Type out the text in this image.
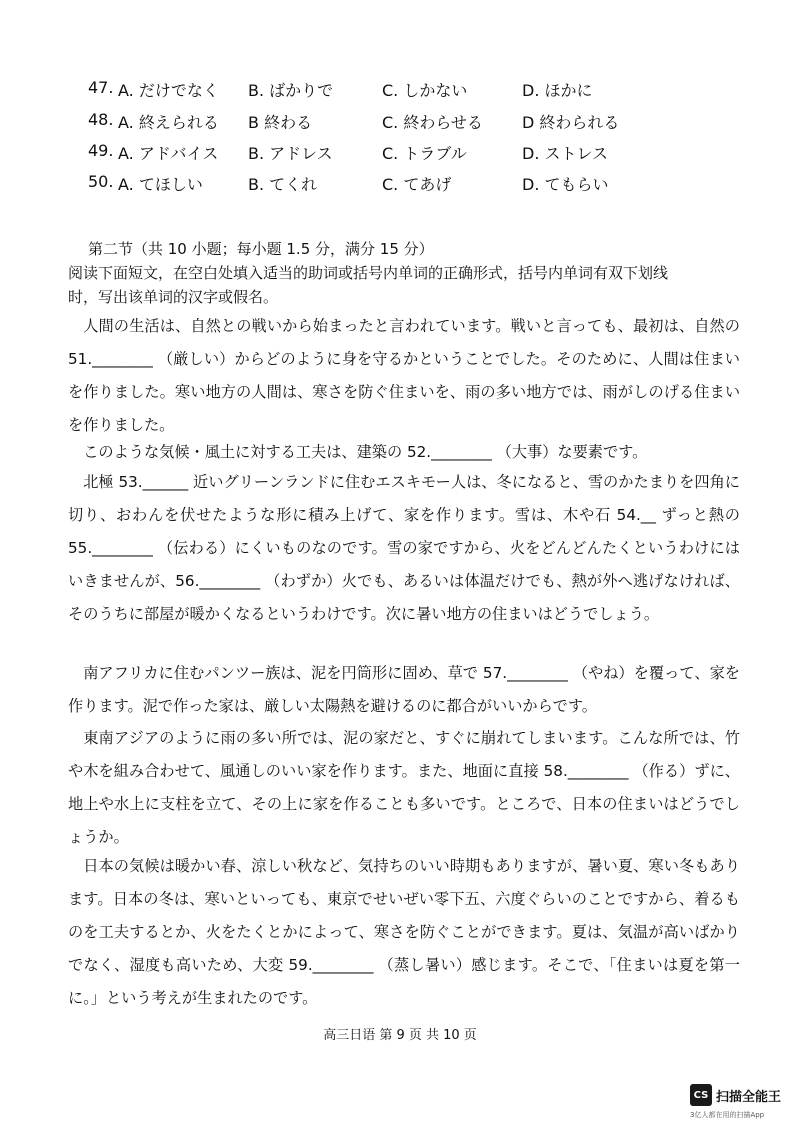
47. A. だけでなく B. ばかりで	C. しかない	D. ほかに
48. A. 終えられる B 終わる	C. 終わらせる D 終わられる
49. A. アドバイス B. アドレス	C. トラブル	D. ストレス
50. A. てほしい	B. てくれ	C. てあげ	D. てもらい
第二节（共 10 小题；每小题 1.5 分，满分 15 分）
阅读下面短文，在空白处填入适当的助词或括号内单词的正确形式，括号内单词有双下划线
时，写出该单词的汉字或假名。

人間の生活は、自然との戦いから始まったと言われています。戦いと言っても、最初は、自然の 51.________ （厳しい）からどのように身を守るかということでした。そのために、人間は住まいを作りました。寒い地方の人間は、寒さを防ぐ住まいを、雨の多い地方では、雨がしのげる住まいを作りました。

このような気候・風土に対する工夫は、建築の 52.________ （大事）な要素です。

北極 53.______ 近いグリーンランドに住むエスキモー人は、冬になると、雪のかたまりを四角に切り、おわんを伏せたような形に積み上げて、家を作ります。雪は、木や石 54.__ ずっと熱の 55.________ （伝わる）にくいものなのです。雪の家ですから、火をどんどんたくというわけにはいきませんが、56.________ （わずか）火でも、あるいは体温だけでも、熱が外へ逃げなければ、そのうちに部屋が暖かくなるというわけです。次に暑い地方の住まいはどうでしょう。

南アフリカに住むパンツー族は、泥を円筒形に固め、草で 57.________ （やね）を覆って、家を作ります。泥で作った家は、厳しい太陽熱を避けるのに都合がいいからです。

東南アジアのように雨の多い所では、泥の家だと、すぐに崩れてしまいます。こんな所では、竹や木を組み合わせて、風通しのいい家を作ります。また、地面に直接 58.________ （作る）ずに、地上や水上に支柱を立て、その上に家を作ることも多いです。ところで、日本の住まいはどうでしょうか。

日本の気候は暖かい春、涼しい秋など、気持ちのいい時期もありますが、暑い夏、寒い冬もあります。日本の冬は、寒いといっても、東京でせいぜい零下五、六度ぐらいのことですから、着るものを工夫するとか、火をたくとかによって、寒さを防ぐことができます。夏は、気温が高いばかりでなく、湿度も高いため、大変 59.________ （蒸し暑い）感じます。そこで、「住まいは夏を第一に。」という考えが生まれたのです。

高三日语 第 9 页 共 10 页
CS 扫描全能王
3亿人都在用的扫描App
